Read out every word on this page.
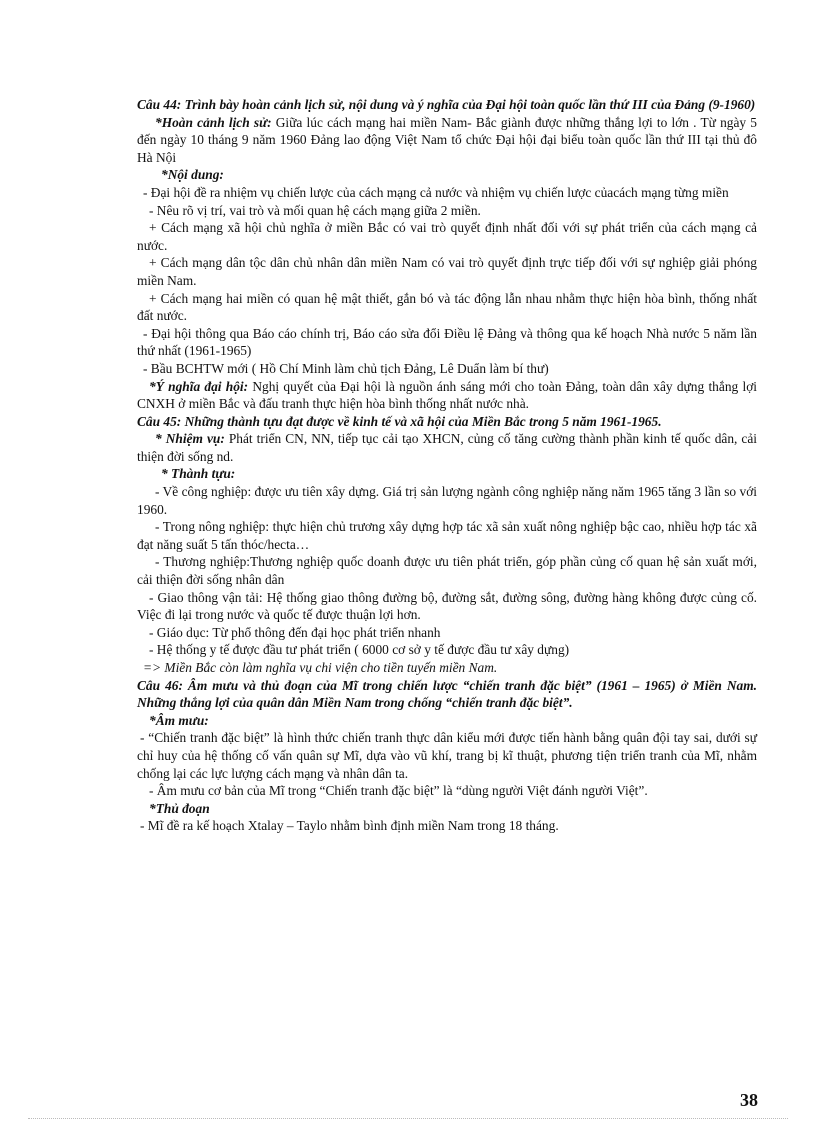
Câu 44: Trình bày hoàn cảnh lịch sử, nội dung và ý nghĩa của Đại hội toàn quốc lần thứ III của Đảng (9-1960)

*Hoàn cảnh lịch sử: Giữa lúc cách mạng hai miền Nam- Bắc giành được những thắng lợi to lớn . Từ ngày 5 đến ngày 10 tháng 9 năm 1960 Đảng lao động Việt Nam tổ chức Đại hội đại biểu toàn quốc lần thứ III tại thủ đô Hà Nội

*Nội dung:

- Đại hội đề ra nhiệm vụ chiến lược của cách mạng cả nước và nhiệm vụ chiến lược củacách mạng từng miền

- Nêu rõ vị trí, vai trò và mối quan hệ cách mạng giữa 2 miền.

+ Cách mạng xã hội chủ nghĩa ở miền Bắc có vai trò quyết định nhất đối với sự phát triển của cách mạng cả nước.

+ Cách mạng dân tộc dân chủ nhân dân miền Nam có vai trò quyết định trực tiếp đối với sự nghiệp giải phóng miền Nam.

+ Cách mạng hai miền có quan hệ mật thiết, gắn bó và tác động lẫn nhau nhằm thực hiện hòa bình, thống nhất đất nước.

- Đại hội thông qua Báo cáo chính trị, Báo cáo sửa đổi Điều lệ Đảng và thông qua kế hoạch Nhà nước 5 năm lần thứ nhất (1961-1965)

- Bầu BCHTW mới ( Hồ Chí Minh làm chủ tịch Đảng, Lê Duẩn làm bí thư)

*Ý nghĩa đại hội: Nghị quyết của Đại hội là nguồn ánh sáng mới cho toàn Đảng, toàn dân xây dựng thắng lợi CNXH ở miền Bắc và đấu tranh thực hiện hòa bình thống nhất nước nhà.

Câu 45: Những thành tựu đạt được về kinh tế và xã hội của Miền Bắc trong 5 năm 1961-1965.

* Nhiệm vụ: Phát triển CN, NN, tiếp tục cải tạo XHCN, củng cố tăng cường thành phần kinh tế quốc dân, cải thiện đời sống nd.

* Thành tựu:

- Về công nghiệp: được ưu tiên xây dựng. Giá trị sản lượng ngành công nghiệp năng năm 1965 tăng 3 lần so với 1960.

- Trong nông nghiệp: thực hiện chủ trương xây dựng hợp tác xã sản xuất nông nghiệp bậc cao, nhiều hợp tác xã đạt năng suất 5 tấn thóc/hecta…

- Thương nghiệp:Thương nghiệp quốc doanh được ưu tiên phát triển, góp phần củng cố quan hệ sản xuất mới, cải thiện đời sống nhân dân

- Giao thông vận tải: Hệ thống giao thông đường bộ, đường sắt, đường sông, đường hàng không được củng cố. Việc đi lại trong nước và quốc tế được thuận lợi hơn.

- Giáo dục: Từ phổ thông đến đại học phát triển nhanh

- Hệ thống y tế được đầu tư phát triển ( 6000 cơ sở y tế được đầu tư xây dựng)

=> Miền Bắc còn làm nghĩa vụ chi viện cho tiền tuyến miền Nam.

Câu 46: Âm mưu và thủ đoạn của Mĩ trong chiến lược “chiến tranh đặc biệt” (1961 – 1965) ở Miền Nam. Những thắng lợi của quân dân Miền Nam trong chống “chiến tranh đặc biệt”.

*Âm mưu:

- “Chiến tranh đặc biệt” là hình thức chiến tranh thực dân kiểu mới được tiến hành bằng quân đội tay sai, dưới sự chỉ huy của hệ thống cố vấn quân sự Mĩ, dựa vào vũ khí, trang bị kĩ thuật, phương tiện triển tranh của Mĩ, nhằm chống lại các lực lượng cách mạng và nhân dân ta.

- Âm mưu cơ bản của Mĩ trong “Chiến tranh đặc biệt” là “dùng người Việt đánh người Việt”.

*Thủ đoạn

- Mĩ đề ra kế hoạch Xtalay – Taylo nhằm bình định miền Nam trong 18 tháng.

38
